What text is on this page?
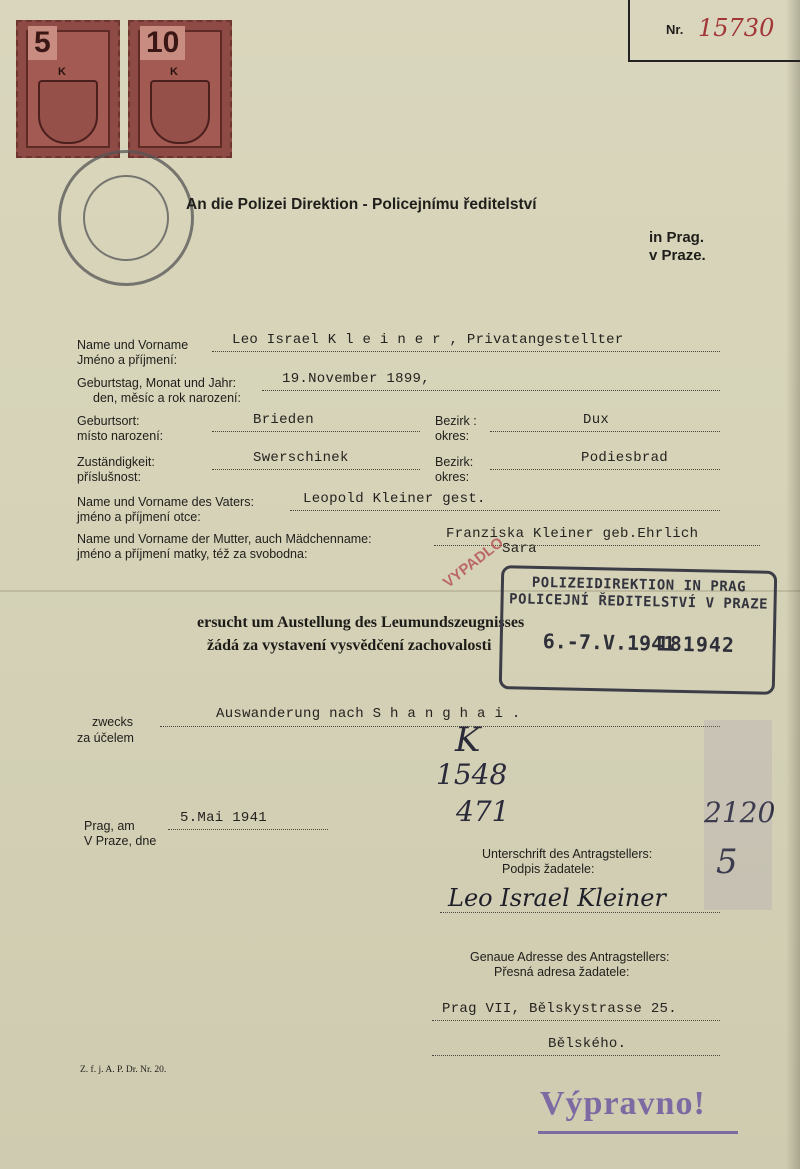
Nr. 15730
5
K
10
K
An die Polizei Direktion - Policejnímu ředitelství
in Prag.
v Praze.
Name und Vorname
Jméno a příjmení:
Leo Israel K l e i n e r , Privatangestellter
Geburtstag, Monat und Jahr:
den, měsíc a rok narození:
19.November 1899,
Geburtsort:
místo narození:
Brieden	Bezirk :
okres:
Dux
Zuständigkeit:
příslušnost:
Swerschinek	Bezirk:
okres:
Podiesbrad
Name und Vorname des Vaters:
jméno a příjmení otce:
Leopold Kleiner gest.
Name und Vorname der Mutter, auch Mädchenname:
jméno a příjmení matky, též za svobodna:
Franziska Kleiner geb.Ehrlich
Sara
VYPADLO
ersucht um Austellung des Leumundszeugnisses
žádá za vystavení vysvědčení zachovalosti
POLIZEIDIREKTION IN PRAG
POLICEJNÍ ŘEDITELSTVÍ V PRAZE
6.-7.V.1941
181942
zwecks
za účelem
Auswanderung nach S h a n g h a i .
K
1548
471	2120
5
Prag, am
V Praze, dne
5.Mai 1941
Unterschrift des Antragstellers:
Podpis žadatele:
Leo Israel Kleiner
Genaue Adresse des Antragstellers:
Přesná adresa žadatele:
Prag VII, Bělskystrasse 25.
Bělského.
Z. f. j. A. P. Dr. Nr. 20.
Výpravno!
